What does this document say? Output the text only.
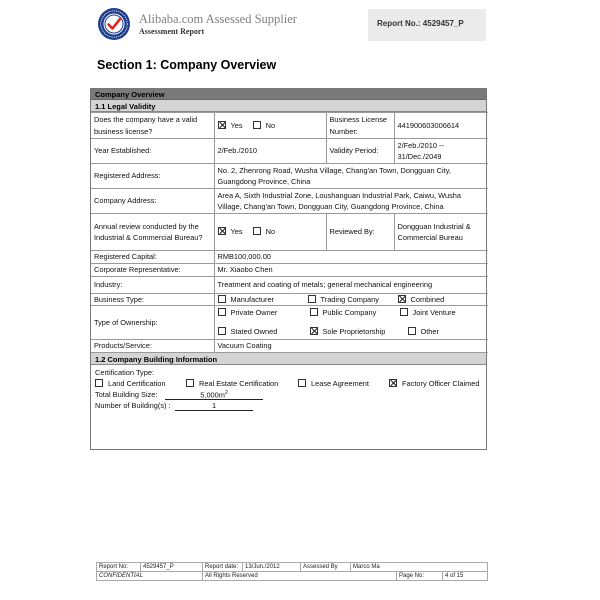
Alibaba.com Assessed Supplier
Assessment Report
Report No.: 4529457_P
Section 1: Company Overview
Company Overview
1.1 Legal Validity
Does the company have a valid business license?	Yes No	Business License Number:	441900603006614
Year Established:	2/Feb./2010	Validity Period:	2/Feb./2010 -- 31/Dec./2049
Registered Address:	No. 2, Zhenrong Road, Wusha Village, Chang'an Town, Dongguan City, Guangdong Province, China		
Company Address:	Area A, Sixth Industrial Zone, Loushanguan Industrial Park, Caiwu, Wusha Village, Chang'an Town, Dongguan City, Guangdong Province, China		
Annual review conducted by the Industrial & Commercial Bureau?	Yes No	Reviewed By:	Dongguan Industrial & Commercial Bureau
Registered Capital:	RMB100,000.00		
Corporate Representative:	Mr. Xiaobo Chen		
Industry:	Treatment and coating of metals; general mechanical engineering		
Business Type:	Manufacturer Trading Company Combined		
Type of Ownership:	Private Owner Public Company Joint Venture
Stated Owned Sole Proprietorship Other		

Products/Service:	Vacuum Coating		
1.2 Company Building Information
Certification Type:
Land Certification	Real Estate Certification	Lease Agreement	Factory Officer Claimed
Total Building Size:	$5,000m^2$
Number of Building(s) :	1
Report No:	4529457_P	Report date:	13/Jun./2012	Assessed By	Marco Ma		
CONFIDENTIAL		All Rights Reserved				Page No:	4 of 15
